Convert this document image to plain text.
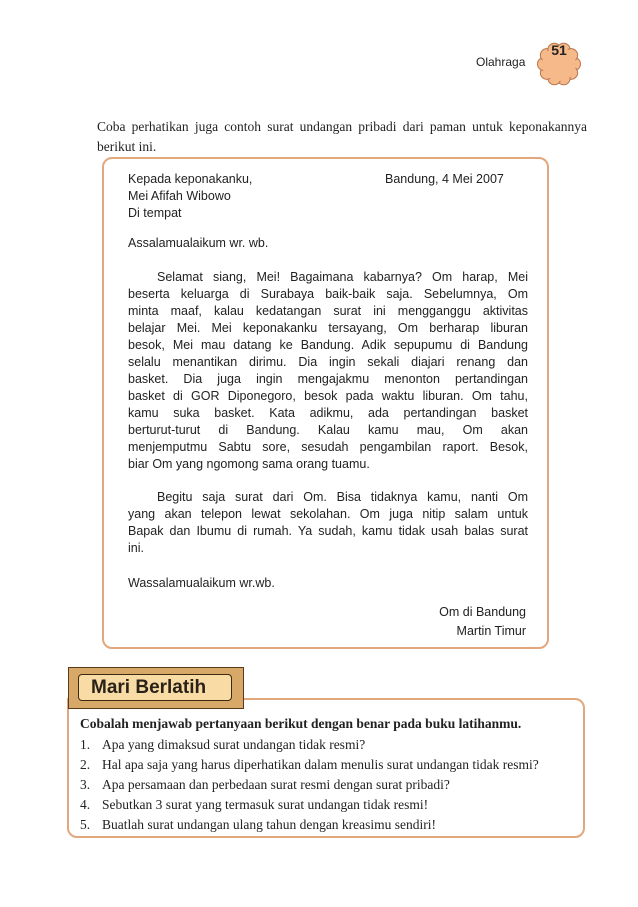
Olahraga
51
Coba perhatikan juga contoh surat undangan pribadi dari paman untuk keponakannya berikut ini.
Kepada keponakanku,
Mei Afifah Wibowo
Di tempat
Bandung, 4 Mei 2007
Assalamualaikum wr. wb.
Selamat siang, Mei! Bagaimana kabarnya? Om harap, Mei
beserta keluarga di Surabaya baik-baik saja. Sebelumnya, Om
minta maaf, kalau kedatangan surat ini mengganggu aktivitas
belajar Mei. Mei keponakanku tersayang, Om berharap liburan
besok, Mei mau datang ke Bandung. Adik sepupumu di Bandung
selalu menantikan dirimu. Dia ingin sekali diajari renang dan
basket. Dia juga ingin mengajakmu menonton pertandingan
basket di GOR Diponegoro, besok pada waktu liburan. Om tahu,
kamu suka basket. Kata adikmu, ada pertandingan basket
berturut-turut di Bandung. Kalau kamu mau, Om akan
menjemputmu Sabtu sore, sesudah pengambilan raport. Besok,
biar Om yang ngomong sama orang tuamu.
Begitu saja surat dari Om. Bisa tidaknya kamu, nanti Om
yang akan telepon lewat sekolahan. Om juga nitip salam untuk
Bapak dan Ibumu di rumah. Ya sudah, kamu tidak usah balas surat
ini.
Wassalamualaikum wr.wb.
Om di Bandung
Martin Timur
Mari Berlatih
Cobalah menjawab pertanyaan berikut dengan benar pada buku latihanmu.
1. Apa yang dimaksud surat undangan tidak resmi?
2. Hal apa saja yang harus diperhatikan dalam menulis surat undangan tidak resmi?
3. Apa persamaan dan perbedaan surat resmi dengan surat pribadi?
4. Sebutkan 3 surat yang termasuk surat undangan tidak resmi!
5. Buatlah surat undangan ulang tahun dengan kreasimu sendiri!
